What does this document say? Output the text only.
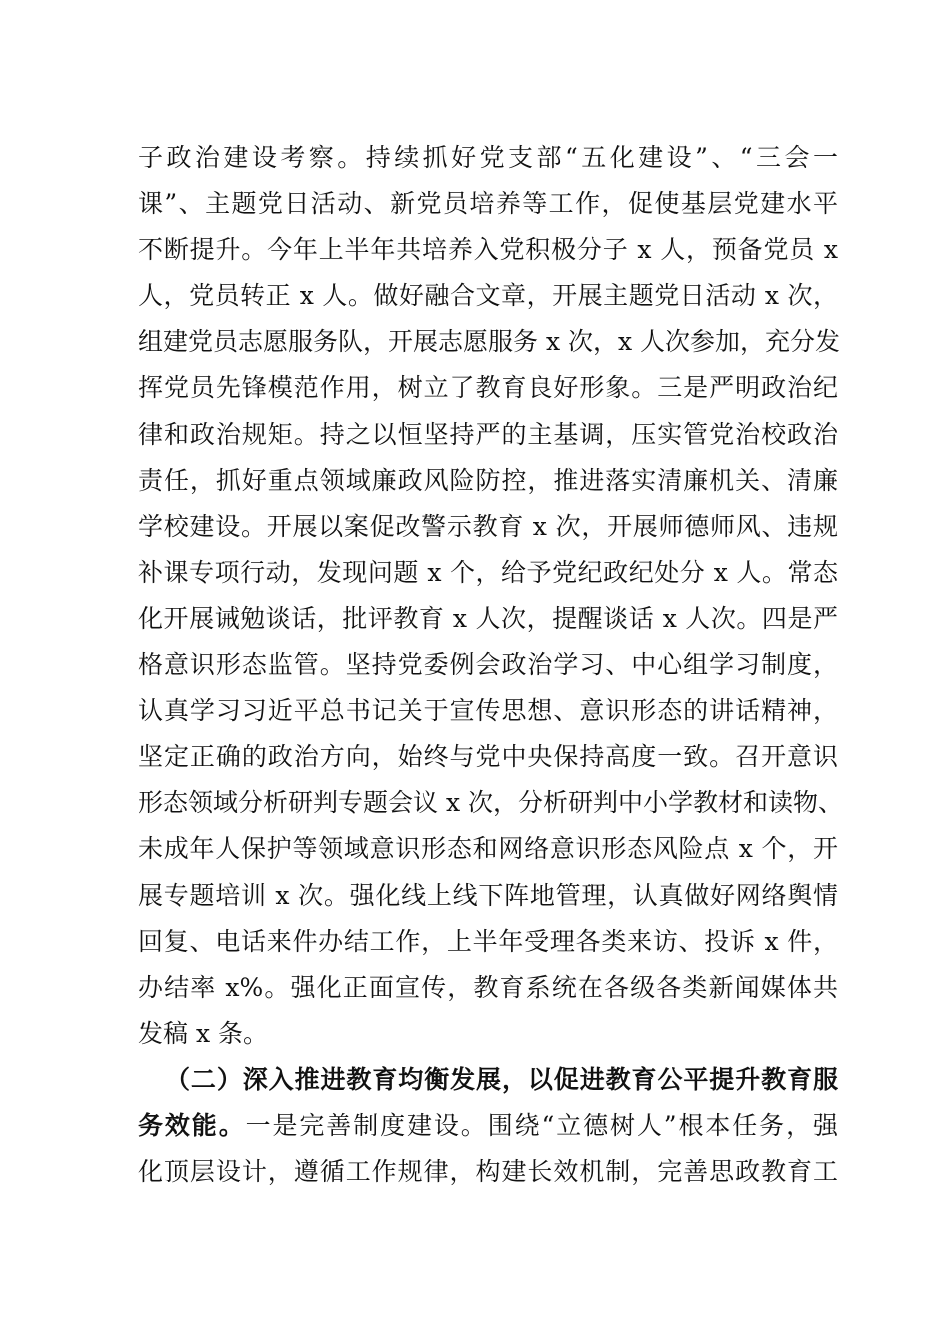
子政治建设考察。持续抓好党支部“五化建设”、“三会一
课”、主题党日活动、新党员培养等工作，促使基层党建水平
不断提升。今年上半年共培养入党积极分子 x 人，预备党员 x
人，党员转正 x 人。做好融合文章，开展主题党日活动 x 次，
组建党员志愿服务队，开展志愿服务 x 次，x 人次参加，充分发
挥党员先锋模范作用，树立了教育良好形象。三是严明政治纪
律和政治规矩。持之以恒坚持严的主基调，压实管党治校政治
责任，抓好重点领域廉政风险防控，推进落实清廉机关、清廉
学校建设。开展以案促改警示教育 x 次，开展师德师风、违规
补课专项行动，发现问题 x 个，给予党纪政纪处分 x 人。常态
化开展诫勉谈话，批评教育 x 人次，提醒谈话 x 人次。四是严
格意识形态监管。坚持党委例会政治学习、中心组学习制度，
认真学习习近平总书记关于宣传思想、意识形态的讲话精神，
坚定正确的政治方向，始终与党中央保持高度一致。召开意识
形态领域分析研判专题会议 x 次，分析研判中小学教材和读物、
未成年人保护等领域意识形态和网络意识形态风险点 x 个，开
展专题培训 x 次。强化线上线下阵地管理，认真做好网络舆情
回复、电话来件办结工作，上半年受理各类来访、投诉 x 件，
办结率 x%。强化正面宣传，教育系统在各级各类新闻媒体共
发稿 x 条。
（二）深入推进教育均衡发展，以促进教育公平提升教育服
务效能。一是完善制度建设。围绕“立德树人”根本任务，强
化顶层设计，遵循工作规律，构建长效机制，完善思政教育工
